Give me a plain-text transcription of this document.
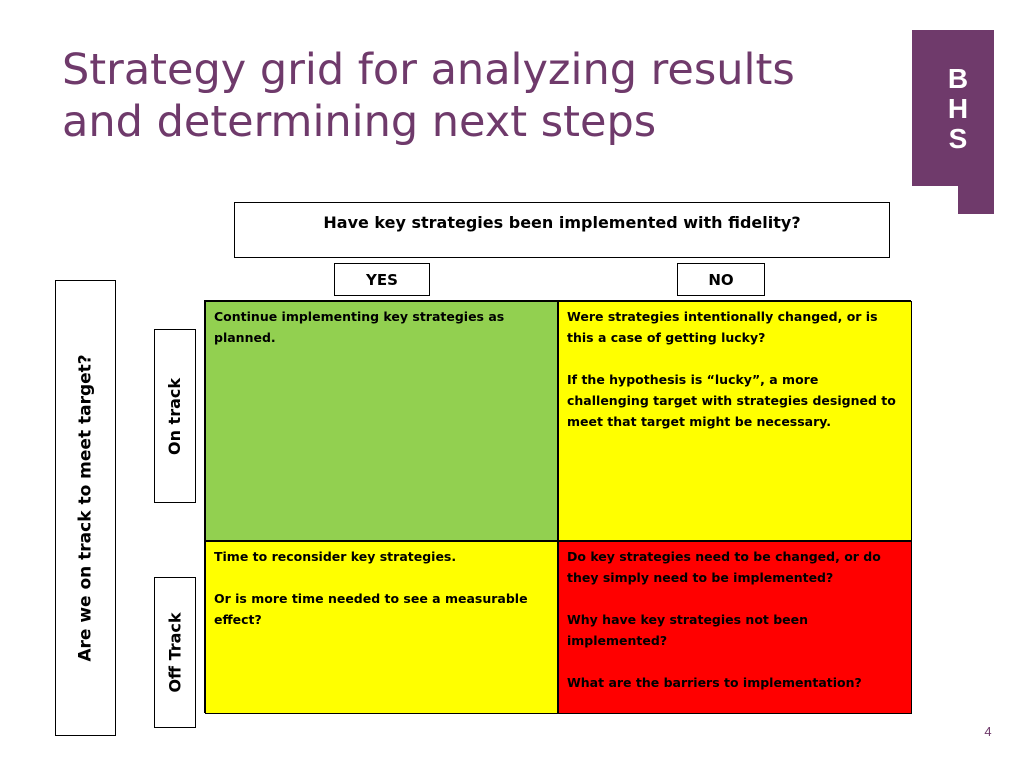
Strategy grid for analyzing results
and determining next steps
B
H
S
Have key strategies been implemented with fidelity?
YES	NO
Are we on track to meet target?	On track
Off Track

Continue implementing key strategies as planned.

Were strategies intentionally changed, or is this a case of getting lucky?

If the hypothesis is “lucky”, a more challenging target with strategies designed to meet that target might be necessary.

Time to reconsider key strategies.

Or is more time needed to see a measurable effect?

Do key strategies need to be changed, or do they simply need to be implemented?

Why have key strategies not been implemented?

What are the barriers to implementation?

4
